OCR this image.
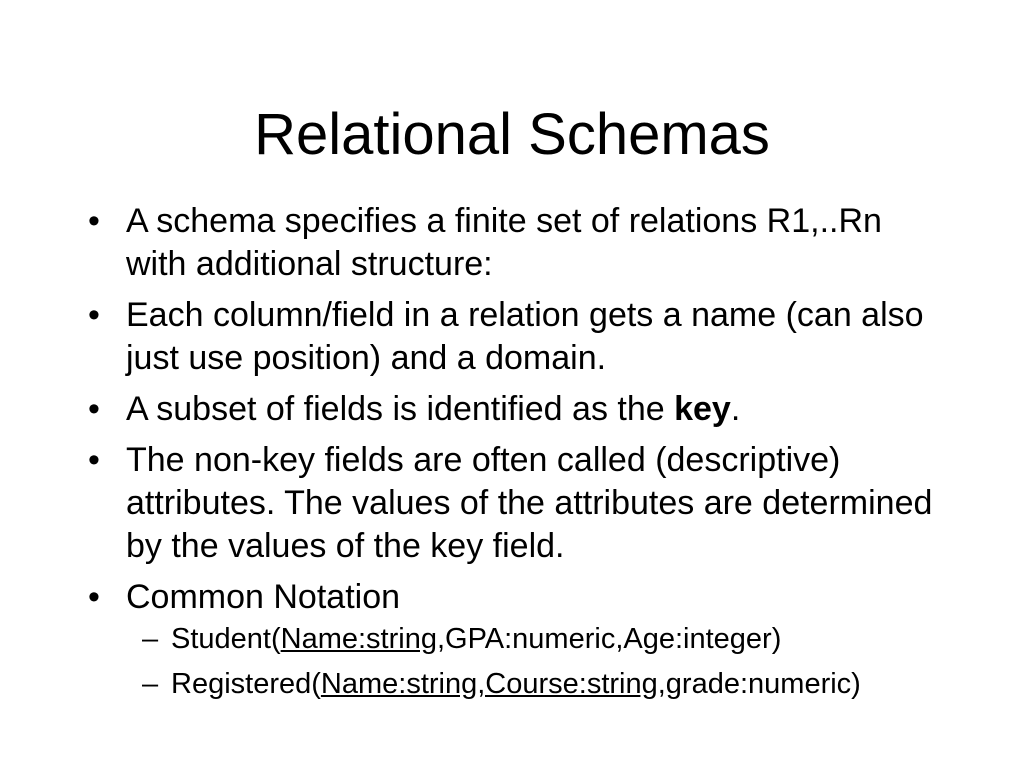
Relational Schemas
• A schema specifies a finite set of relations R1,..Rn with additional structure:
• Each column/field in a relation gets a name (can also just use position) and a domain.
• A subset of fields is identified as the key.
• The non-key fields are often called (descriptive) attributes. The values of the attributes are determined by the values of the key field.
• Common Notation
– Student(Name:string,GPA:numeric,Age:integer)
– Registered(Name:string,Course:string,grade:numeric)
